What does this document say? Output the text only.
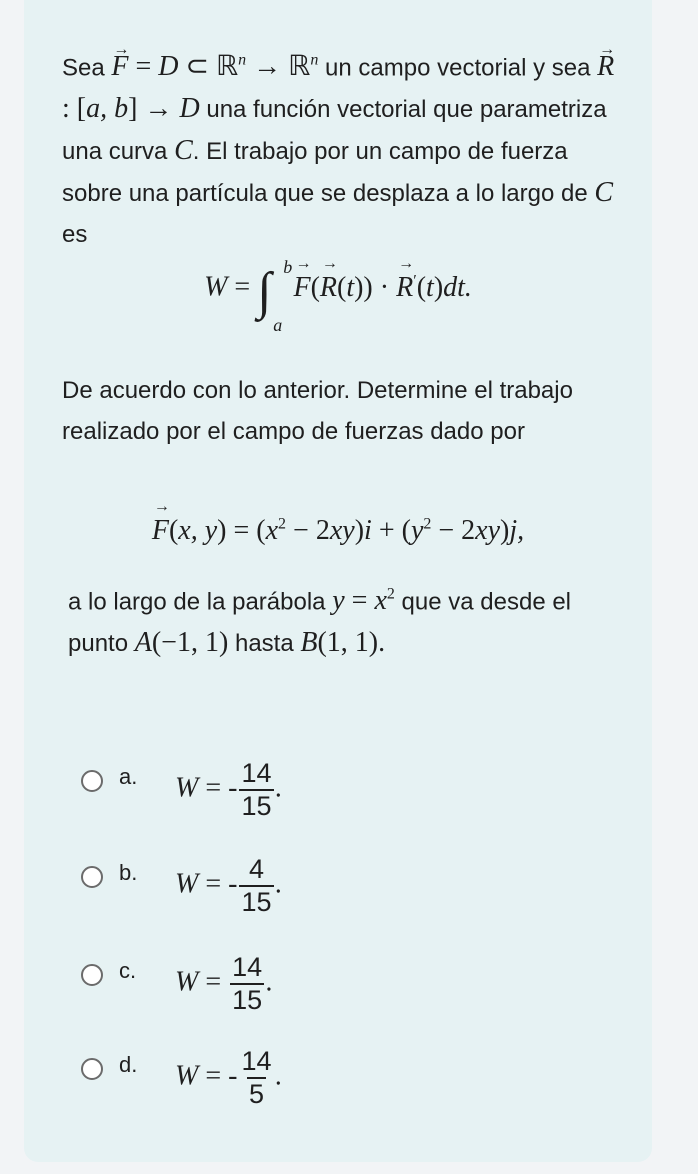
Sea → F = D ⊂ ℝ$^n$ → ℝ$^n$ un campo vectorial y sea → R : [a, b] → D una función vectorial que parametriza una curva C. El trabajo por un campo de fuerza sobre una partícula que se desplaza a lo largo de C es
W = ∫ b
a
→ F(→ R(t)) · → R′(t)dt.
De acuerdo con lo anterior. Determine el trabajo realizado por el campo de fuerzas dado por
→ F(x, $y) = (x^2 - 2xy)i + (y^2 - 2xy)j$,
a lo largo de la parábola $y = x^2$ que va desde el punto A(−1, 1) hasta B(1, 1).
a. W = - $\frac{14}{15}$ .
b. W = - $\frac{4}{15}$ .
c. $W = \frac{14}{15}$ .
d. W = - $\frac{14}{5}$ .
